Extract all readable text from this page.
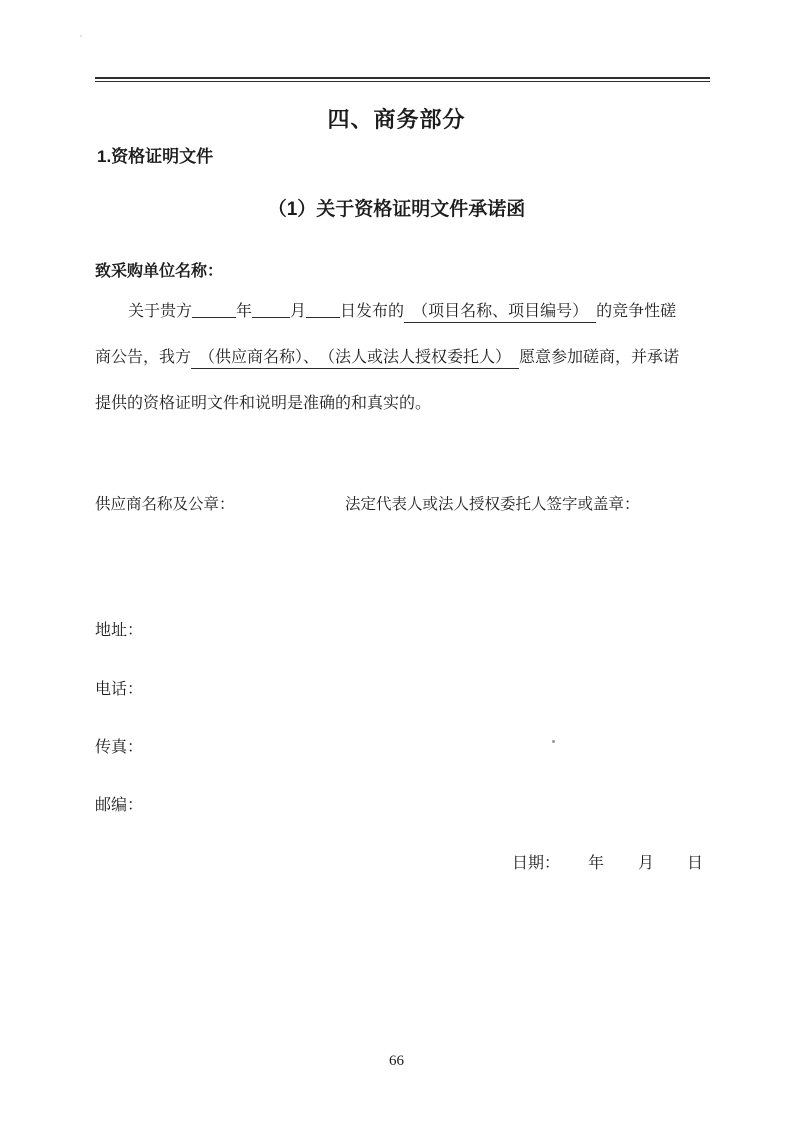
四、商务部分
1.资格证明文件
（1）关于资格证明文件承诺函
致采购单位名称：
关于贵方	年 月 日发布的　（项目名称、项目编号）　的竞争性磋
商公告，我方　（供应商名称）、　（法人或法人授权委托人）　愿意参加磋商，并承诺
提供的资格证明文件和说明是准确的和真实的。
供应商名称及公章：	法定代表人或法人授权委托人签字或盖章：
地址：
电话：
传真：
邮编：
日期： 年 月 日
66
